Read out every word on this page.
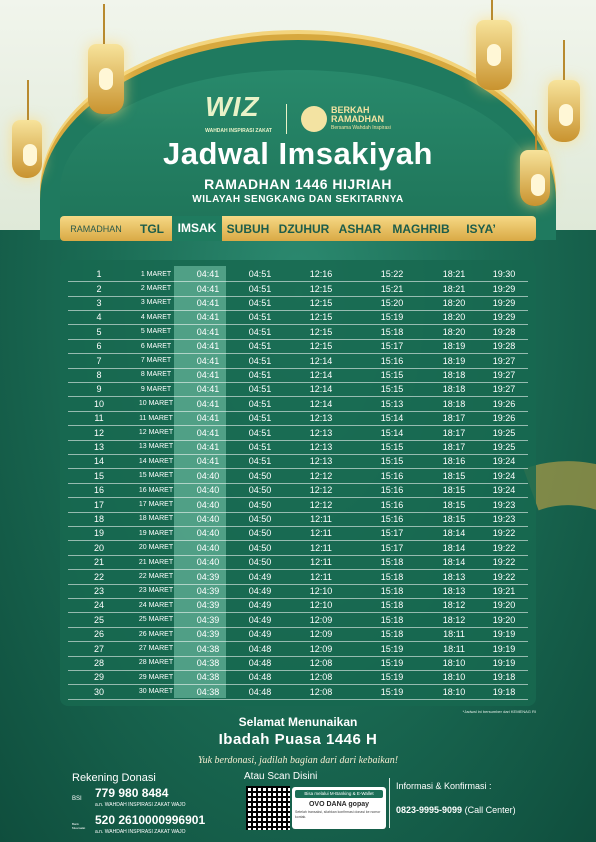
WIZ
WAHDAH INSPIRASI ZAKAT
BERKAH
RAMADHAN
Bersama Wahdah Inspirasi
Jadwal Imsakiyah
RAMADHAN 1446 HIJRIAH
WILAYAH SENGKANG DAN SEKITARNYA
RAMADHAN	TGL	IMSAK SUBUH DZUHUR ASHAR MAGHRIB	ISYA’
1	1 MARET	04:41	04:51	12:16	15:22	18:21	19:30
2	2 MARET	04:41	04:51	12:15	15:21	18:21	19:29
3	3 MARET	04:41	04:51	12:15	15:20	18:20	19:29
4	4 MARET	04:41	04:51	12:15	15:19	18:20	19:29
5	5 MARET	04:41	04:51	12:15	15:18	18:20	19:28
6	6 MARET	04:41	04:51	12:15	15:17	18:19	19:28
7	7 MARET	04:41	04:51	12:14	15:16	18:19	19:27
8	8 MARET	04:41	04:51	12:14	15:15	18:18	19:27
9	9 MARET	04:41	04:51	12:14	15:15	18:18	19:27
10	10 MARET	04:41	04:51	12:14	15:13	18:18	19:26
11	11 MARET	04:41	04:51	12:13	15:14	18:17	19:26
12	12 MARET	04:41	04:51	12:13	15:14	18:17	19:25
13	13 MARET	04:41	04:51	12:13	15:15	18:17	19:25
14	14 MARET	04:41	04:51	12:13	15:15	18:16	19:24
15	15 MARET	04:40	04:50	12:12	15:16	18:15	19:24
16	16 MARET	04:40	04:50	12:12	15:16	18:15	19:24
17	17 MARET	04:40	04:50	12:12	15:16	18:15	19:23
18	18 MARET	04:40	04:50	12:11	15:16	18:15	19:23
19	19 MARET	04:40	04:50	12:11	15:17	18:14	19:22
20	20 MARET	04:40	04:50	12:11	15:17	18:14	19:22
21	21 MARET	04:40	04:50	12:11	15:18	18:14	19:22
22	22 MARET	04:39	04:49	12:11	15:18	18:13	19:22
23	23 MARET	04:39	04:49	12:10	15:18	18:13	19:21
24	24 MARET	04:39	04:49	12:10	15:18	18:12	19:20
25	25 MARET	04:39	04:49	12:09	15:18	18:12	19:20
26	26 MARET	04:39	04:49	12:09	15:18	18:11	19:19
27	27 MARET	04:38	04:48	12:09	15:19	18:11	19:19
28	28 MARET	04:38	04:48	12:08	15:19	18:10	19:19
29	29 MARET	04:38	04:48	12:08	15:19	18:10	19:18
30	30 MARET	04:38	04:48	12:08	15:19	18:10	19:18
*Jadwal ini bersumber dari KEMENAG RI
Selamat Menunaikan
Ibadah Puasa 1446 H
Yuk berdonasi, jadilah bagian dari dari kebaikan!
Rekening Donasi
BSI	779 980 8484
a.n. WAHDAH INSPIRASI ZAKAT WAJO
Bank Muamalat
520 2610000996901
a.n. WAHDAH INSPIRASI ZAKAT WAJO
Atau Scan Disini
Bisa melalui M-Banking & E-Wallet
OVO DANA gopay
Setelah transaksi, silahkan konfirmasi donasi ke nomor kontak.
Informasi & Konfirmasi :
0823-9995-9099 (Call Center)
